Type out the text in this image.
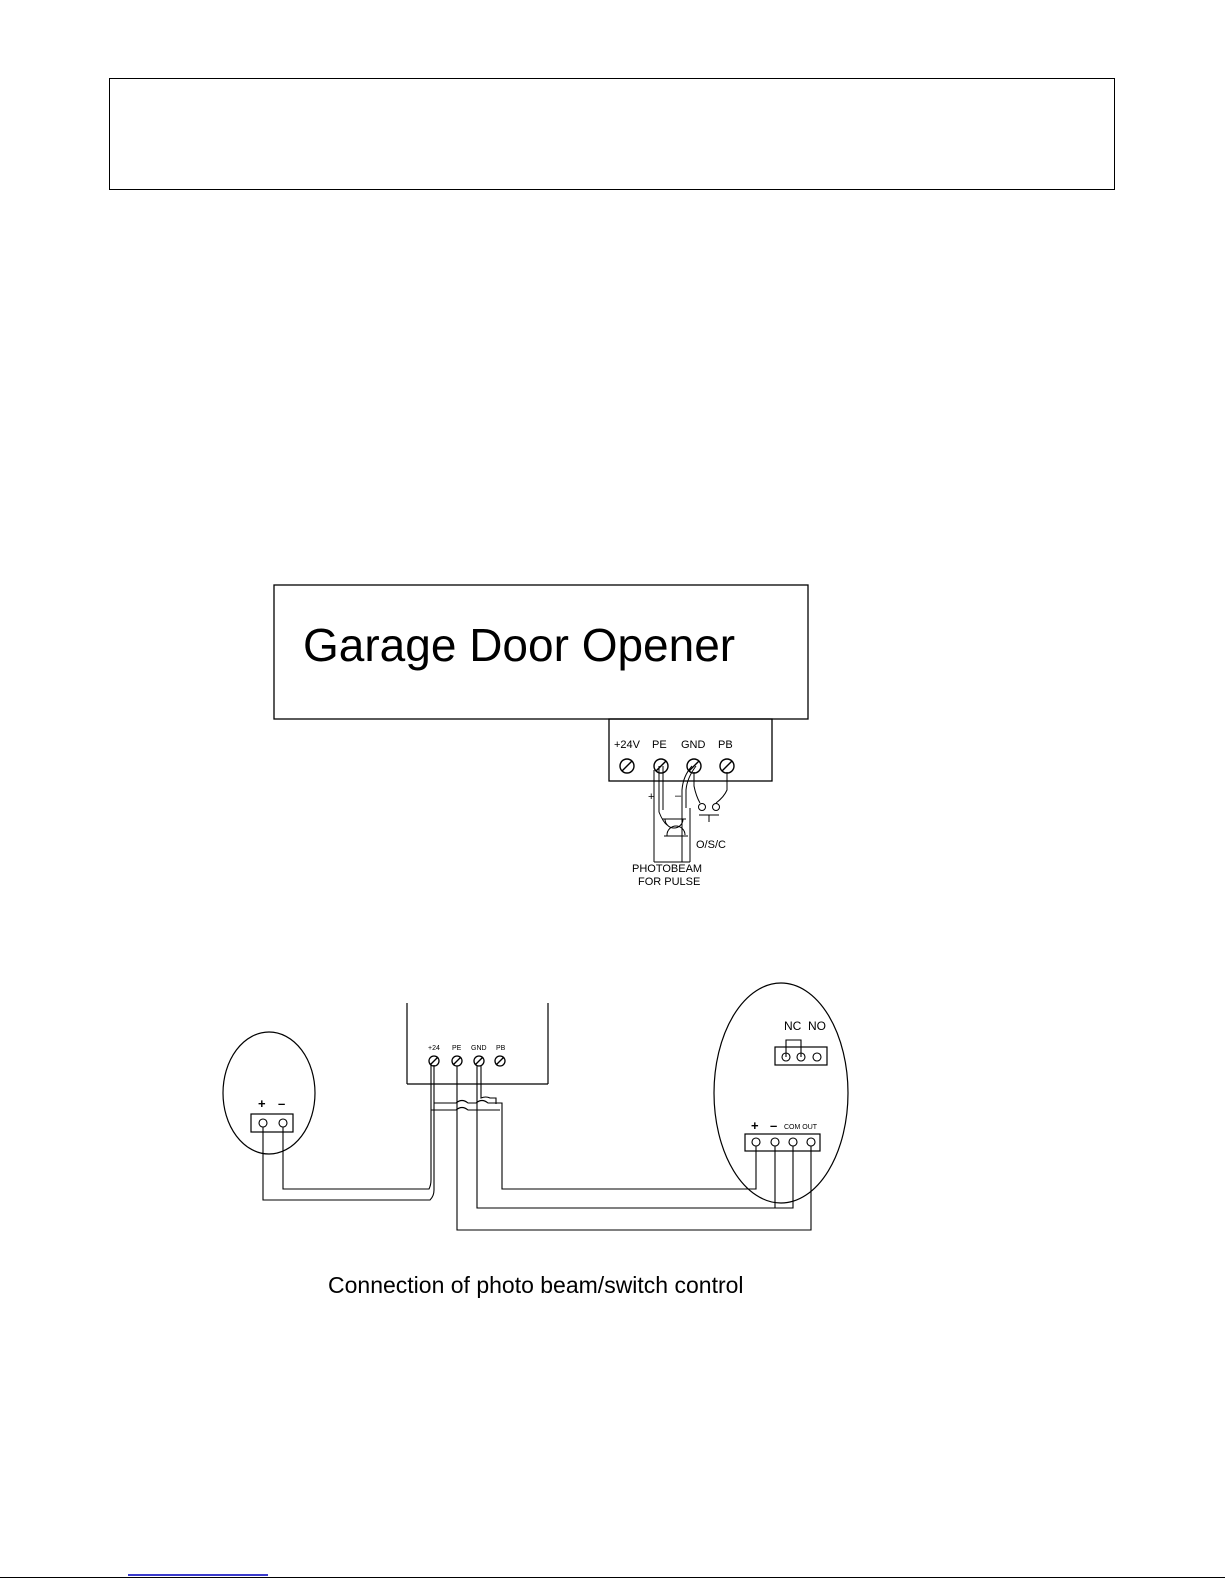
Garage Door Opener
+24V PE GND PB
+ –
O/S/C
PHOTOBEAM
FOR PULSE
+24 PE GND PB
+ –
NC NO
+ – COM OUT
Connection of photo beam/switch control
